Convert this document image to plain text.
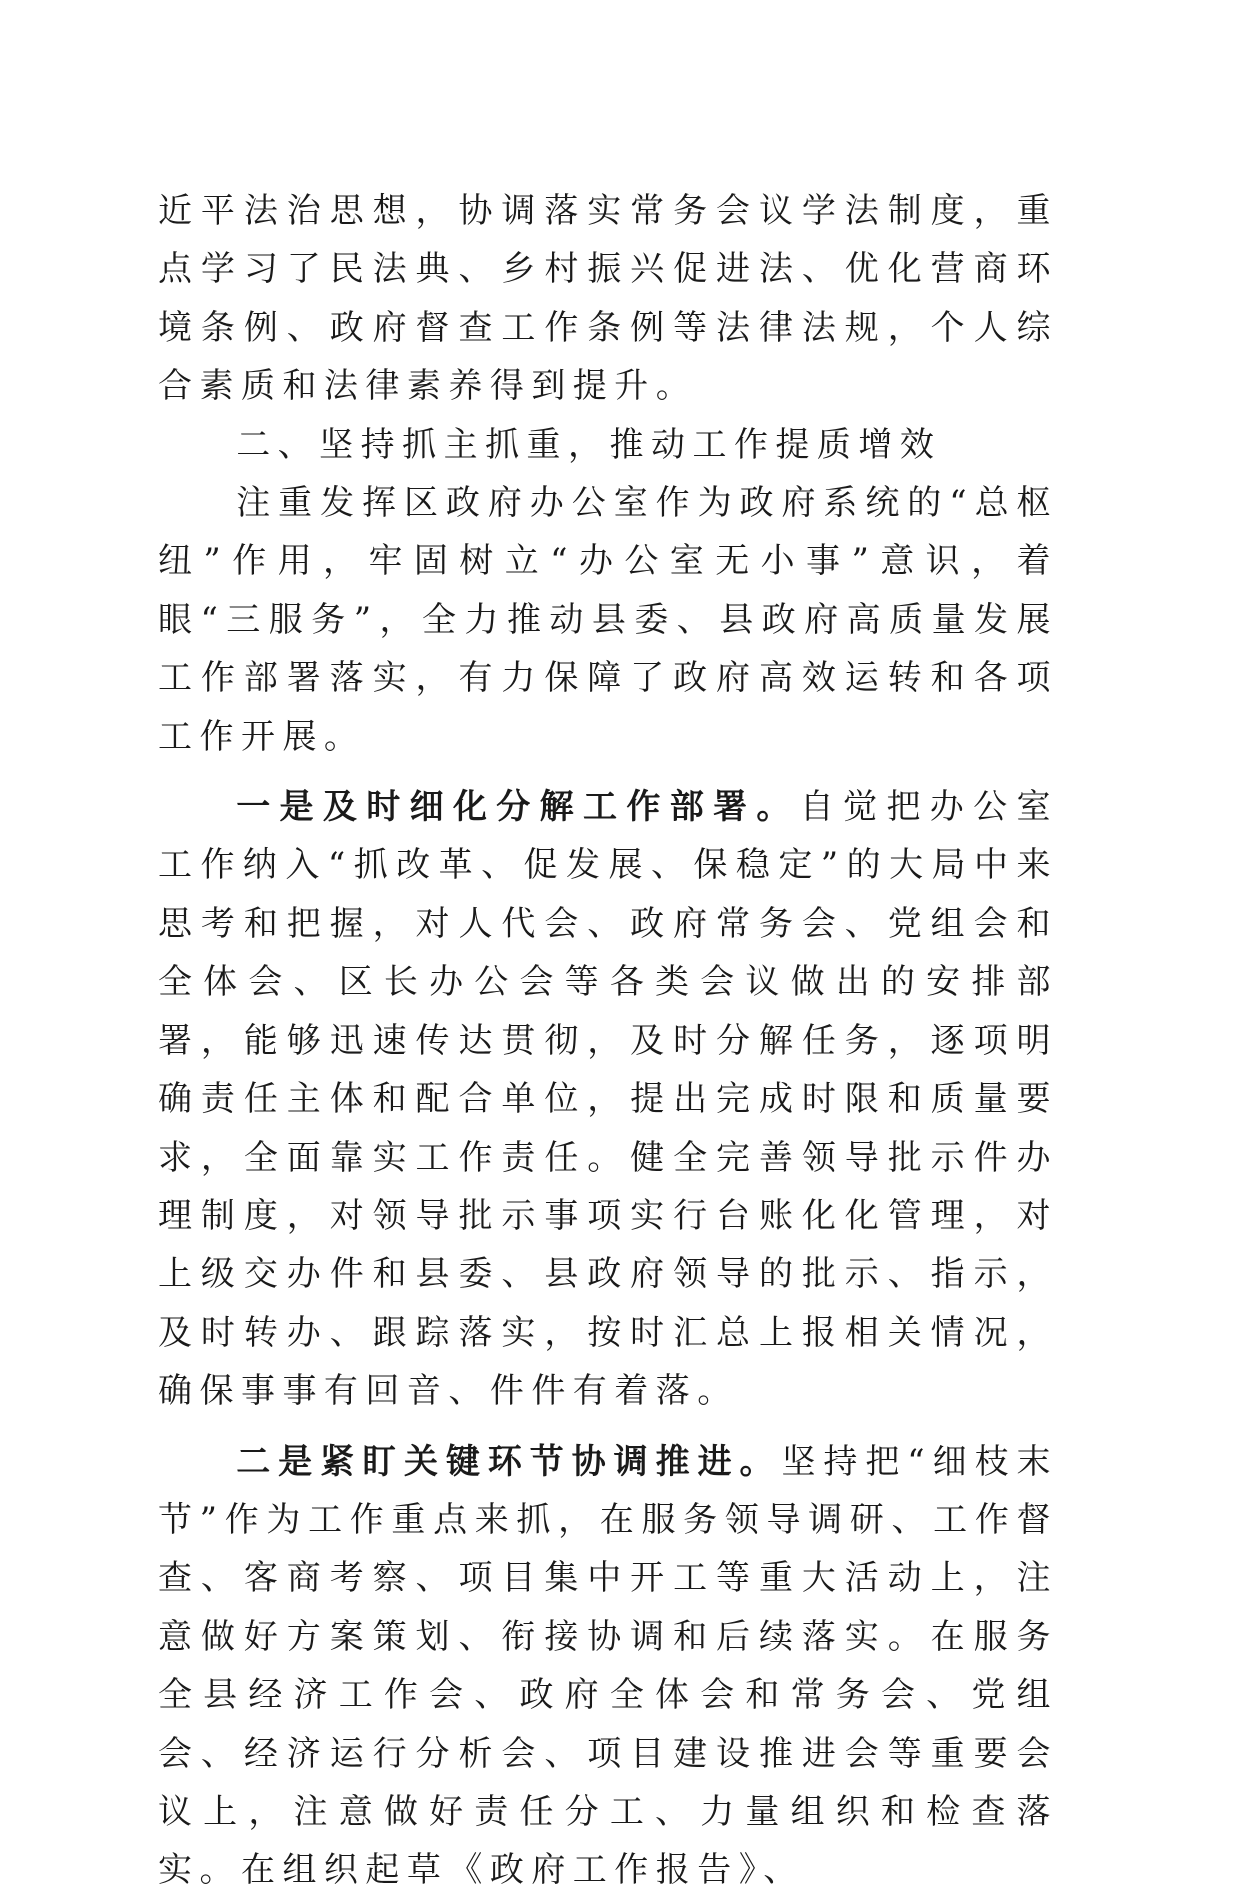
近平法治思想，协调落实常务会议学法制度，重点学习了民法典、乡村振兴促进法、优化营商环境条例、政府督查工作条例等法律法规，个人综合素质和法律素养得到提升。

二、坚持抓主抓重，推动工作提质增效

注重发挥区政府办公室作为政府系统的“总枢纽”作用，牢固树立“办公室无小事”意识，着眼“三服务”，全力推动县委、县政府高质量发展工作部署落实，有力保障了政府高效运转和各项工作开展。

一是及时细化分解工作部署。自觉把办公室工作纳入“抓改革、促发展、保稳定”的大局中来思考和把握，对人代会、政府常务会、党组会和全体会、区长办公会等各类会议做出的安排部署，能够迅速传达贯彻，及时分解任务，逐项明确责任主体和配合单位，提出完成时限和质量要求，全面靠实工作责任。健全完善领导批示件办理制度，对领导批示事项实行台账化化管理，对上级交办件和县委、县政府领导的批示、指示，及时转办、跟踪落实，按时汇总上报相关情况，确保事事有回音、件件有着落。

二是紧盯关键环节协调推进。坚持把“细枝末节”作为工作重点来抓，在服务领导调研、工作督查、客商考察、项目集中开工等重大活动上，注意做好方案策划、衔接协调和后续落实。在服务全县经济工作会、政府全体会和常务会、党组会、经济运行分析会、项目建设推进会等重要会议上，注意做好责任分工、力量组织和检查落实。在组织起草《政府工作报告》、
